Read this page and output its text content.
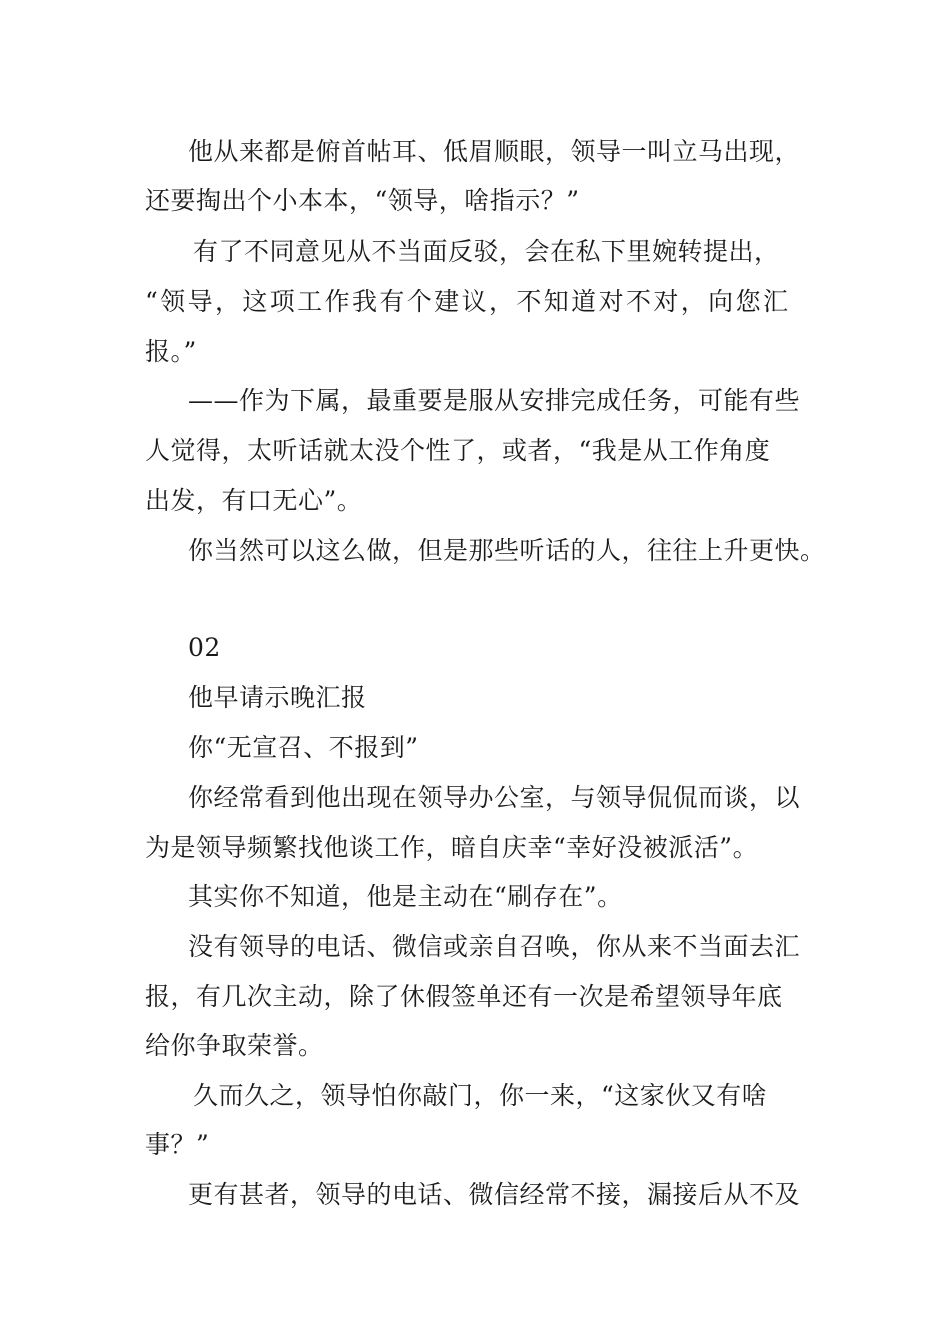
他从来都是俯首帖耳、低眉顺眼，领导一叫立马出现，
还要掏出个小本本，“领导，啥指示？”
有了不同意见从不当面反驳，会在私下里婉转提出，
“领导，这项工作我有个建议，不知道对不对，向您汇
报。”
——作为下属，最重要是服从安排完成任务，可能有些
人觉得，太听话就太没个性了，或者，“我是从工作角度
出发，有口无心”。
你当然可以这么做，但是那些听话的人，往往上升更快。
02
他早请示晚汇报
你“无宣召、不报到”
你经常看到他出现在领导办公室，与领导侃侃而谈，以
为是领导频繁找他谈工作，暗自庆幸“幸好没被派活”。
其实你不知道，他是主动在“刷存在”。
没有领导的电话、微信或亲自召唤，你从来不当面去汇
报，有几次主动，除了休假签单还有一次是希望领导年底
给你争取荣誉。
久而久之，领导怕你敲门，你一来，“这家伙又有啥
事？”
更有甚者，领导的电话、微信经常不接，漏接后从不及
